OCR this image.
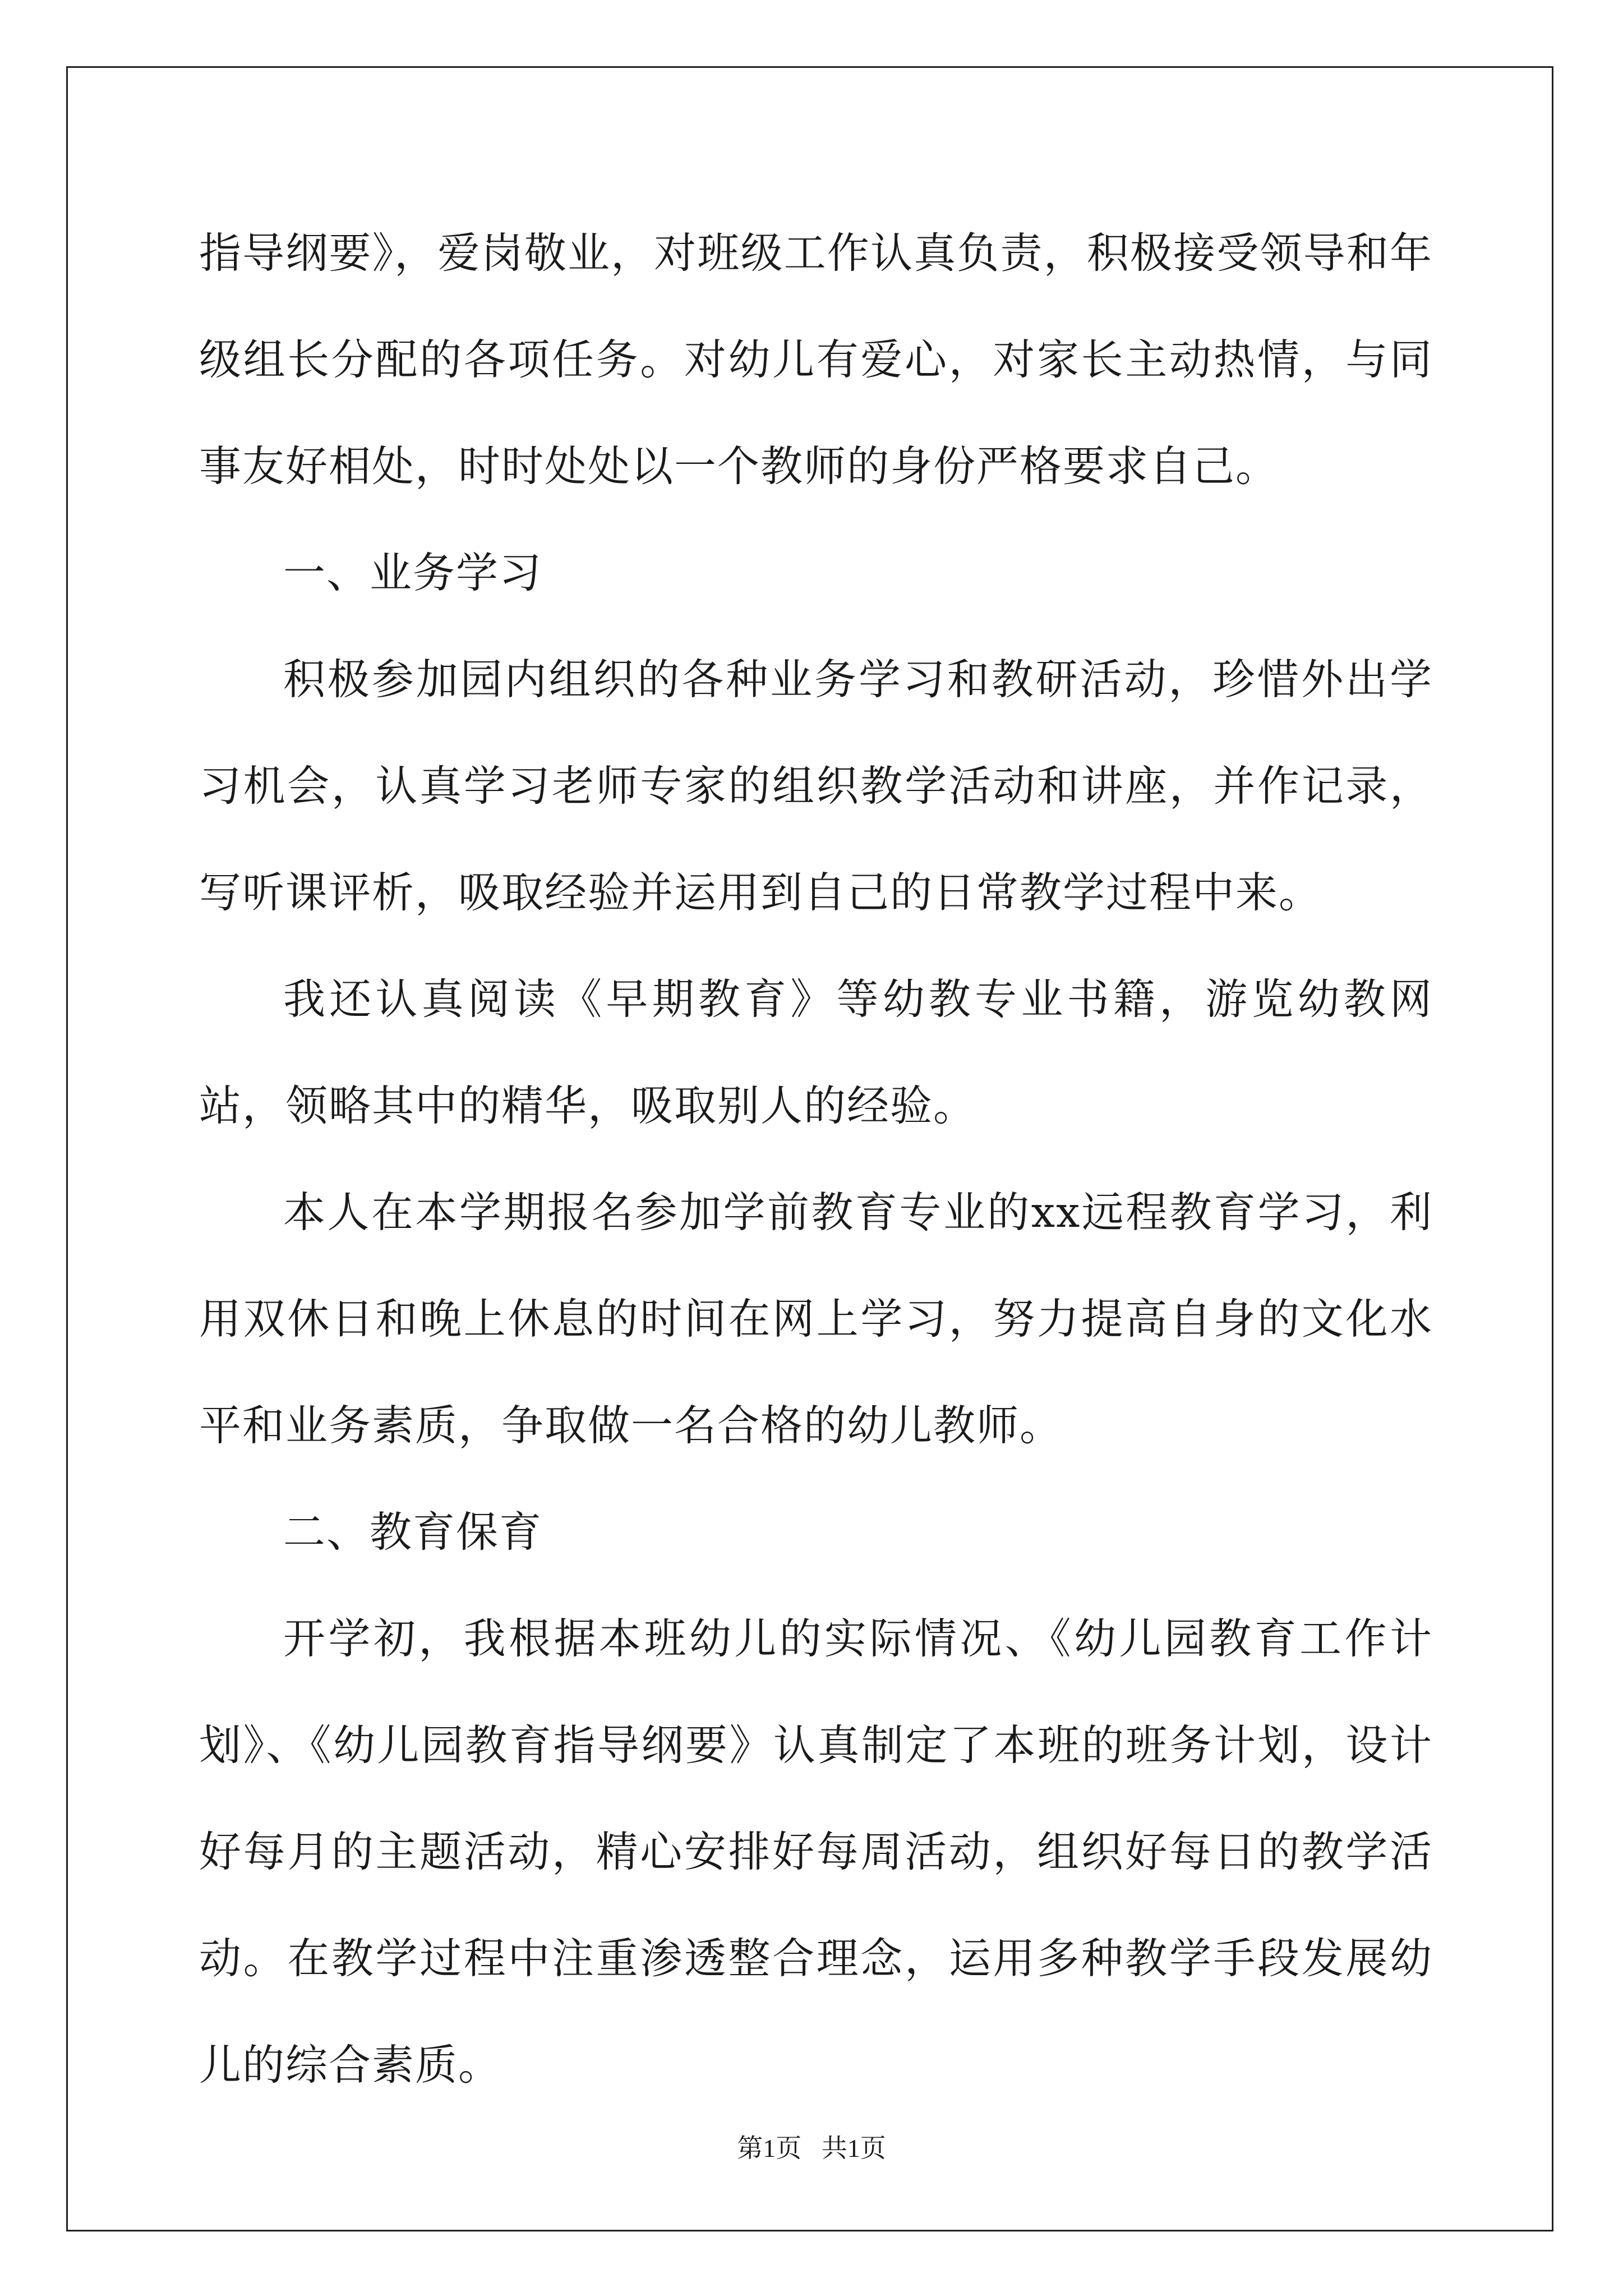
指导纲要》，爱岗敬业，对班级工作认真负责，积极接受领导和年级组长分配的各项任务。对幼儿有爱心，对家长主动热情，与同事友好相处，时时处处以一个教师的身份严格要求自己。

一、业务学习

积极参加园内组织的各种业务学习和教研活动，珍惜外出学习机会，认真学习老师专家的组织教学活动和讲座，并作记录，写听课评析，吸取经验并运用到自己的日常教学过程中来。

我还认真阅读《早期教育》等幼教专业书籍，游览幼教网站，领略其中的精华，吸取别人的经验。

本人在本学期报名参加学前教育专业的xx远程教育学习，利用双休日和晚上休息的时间在网上学习，努力提高自身的文化水平和业务素质，争取做一名合格的幼儿教师。

二、教育保育

开学初，我根据本班幼儿的实际情况、《幼儿园教育工作计划》、《幼儿园教育指导纲要》认真制定了本班的班务计划，设计好每月的主题活动，精心安排好每周活动，组织好每日的教学活动。在教学过程中注重渗透整合理念，运用多种教学手段发展幼儿的综合素质。

第1页 共1页
